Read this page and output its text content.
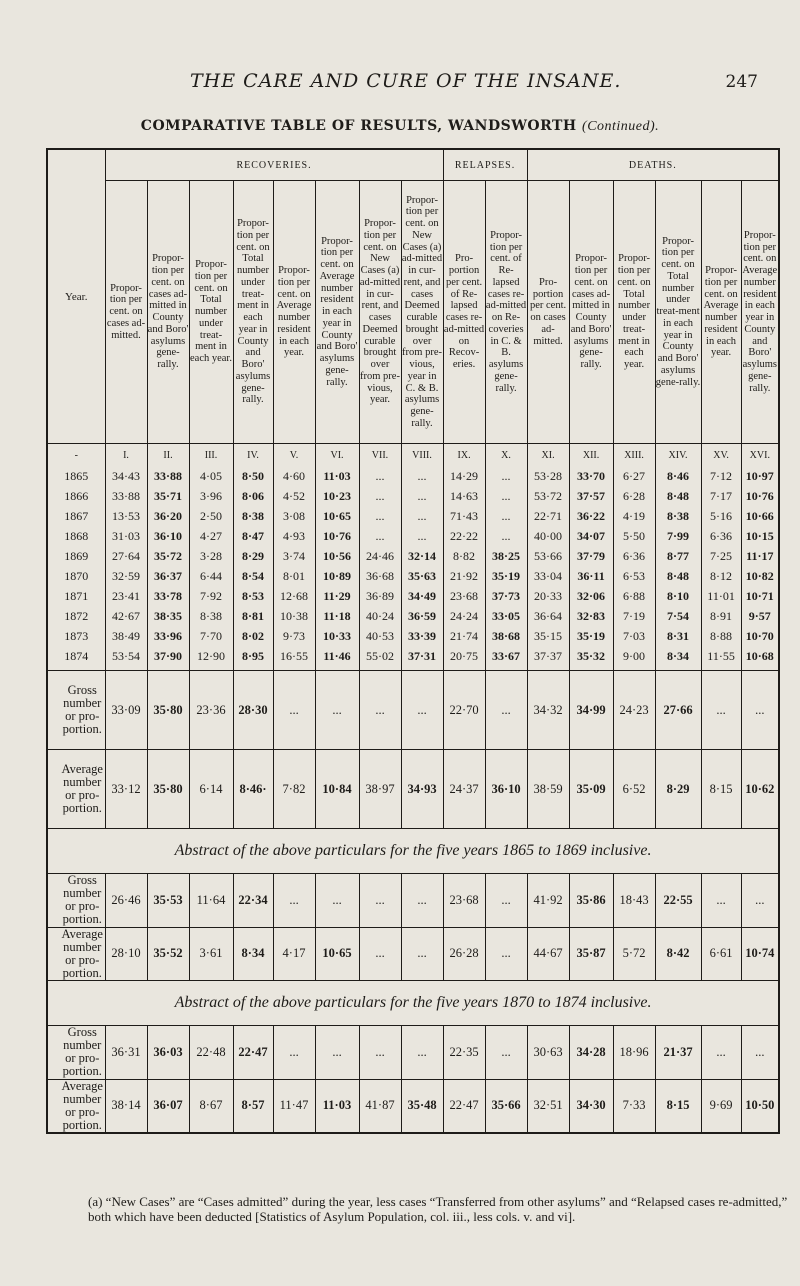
THE CARE AND CURE OF THE INSANE.	247
COMPARATIVE TABLE OF RESULTS, WANDSWORTH (Continued).
Year.	RECOVERIES.								RELAPSES.		DEATHS.					
	Propor-tion per cent. on cases ad-mitted.	Propor-tion per cent. on cases ad-mitted in County and Boro' asylums gene-rally.	Propor-tion per cent. on Total number under treat-ment in each year.	Propor-tion per cent. on Total number under treat-ment in each year in County and Boro' asylums gene-rally.	Propor-tion per cent. on Average number resident in each year.	Propor-tion per cent. on Average number resident in each year in County and Boro' asylums gene-rally.	Propor-tion per cent. on New Cases (a) ad-mitted in cur-rent, and cases Deemed curable brought over from pre-vious, year.	Propor-tion per cent. on New Cases (a) ad-mitted in cur-rent, and cases Deemed curable brought over from pre-vious, year in C. & B. asylums gene-rally.	Pro-portion per cent. of Re-lapsed cases re-ad-mitted on Recov-eries.	Propor-tion per cent. of Re-lapsed cases re-ad-mitted on Re-coveries in C. & B. asylums gene-rally.	Pro-portion per cent. on cases ad-mitted.	Propor-tion per cent. on cases ad-mitted in County and Boro' asylums gene-rally.	Propor-tion per cent. on Total number under treat-ment in each year.	Propor-tion per cent. on Total number under treat-ment in each year in County and Boro' asylums gene-rally.	Propor-tion per cent. on Average number resident in each year.	Propor-tion per cent. on Average number resident in each year in County and Boro' asylums gene-rally.
-	I.	II.	III.	IV.	V.	VI.	VII.	VIII.	IX.	X.	XI.	XII.	XIII.	XIV.	XV.	XVI.
1865	34·43	33·88	4·05	8·50	4·60	11·03	...	...	14·29	...	53·28	33·70	6·27	8·46	7·12	10·97
1866	33·88	35·71	3·96	8·06	4·52	10·23	...	...	14·63	...	53·72	37·57	6·28	8·48	7·17	10·76
1867	13·53	36·20	2·50	8·38	3·08	10·65	...	...	71·43	...	22·71	36·22	4·19	8·38	5·16	10·66
1868	31·03	36·10	4·27	8·47	4·93	10·76	...	...	22·22	...	40·00	34·07	5·50	7·99	6·36	10·15
1869	27·64	35·72	3·28	8·29	3·74	10·56	24·46	32·14	8·82	38·25	53·66	37·79	6·36	8·77	7·25	11·17
1870	32·59	36·37	6·44	8·54	8·01	10·89	36·68	35·63	21·92	35·19	33·04	36·11	6·53	8·48	8·12	10·82
1871	23·41	33·78	7·92	8·53	12·68	11·29	36·89	34·49	23·68	37·73	20·33	32·06	6·88	8·10	11·01	10·71
1872	42·67	38·35	8·38	8·81	10·38	11·18	40·24	36·59	24·24	33·05	36·64	32·83	7·19	7·54	8·91	9·57
1873	38·49	33·96	7·70	8·02	9·73	10·33	40·53	33·39	21·74	38·68	35·15	35·19	7·03	8·31	8·88	10·70
1874	53·54	37·90	12·90	8·95	16·55	11·46	55·02	37·31	20·75	33·67	37·37	35·32	9·00	8·34	11·55	10·68
Gross number or pro-portion.	33·09	35·80	23·36	28·30	...	...	...	...	22·70	...	34·32	34·99	24·23	27·66	...	...
Average number or pro-portion.	33·12	35·80	6·14	8·46·	7·82	10·84	38·97	34·93	24·37	36·10	38·59	35·09	6·52	8·29	8·15	10·62
Abstract of the above particulars for the five years 1865 to 1869 inclusive.																
Gross number or pro-portion.	26·46	35·53	11·64	22·34	...	...	...	...	23·68	...	41·92	35·86	18·43	22·55	...	...
Average number or pro-portion.	28·10	35·52	3·61	8·34	4·17	10·65	...	...	26·28	...	44·67	35·87	5·72	8·42	6·61	10·74
Abstract of the above particulars for the five years 1870 to 1874 inclusive.																
Gross number or pro-portion.	36·31	36·03	22·48	22·47	...	...	...	...	22·35	...	30·63	34·28	18·96	21·37	...	...
Average number or pro-portion.	38·14	36·07	8·67	8·57	11·47	11·03	41·87	35·48	22·47	35·66	32·51	34·30	7·33	8·15	9·69	10·50
(a) “New Cases” are “Cases admitted” during the year, less cases “Transferred from other asylums” and “Relapsed cases re-admitted,” both which have been deducted [Statistics of Asylum Population, col. iii., less cols. v. and vi].
